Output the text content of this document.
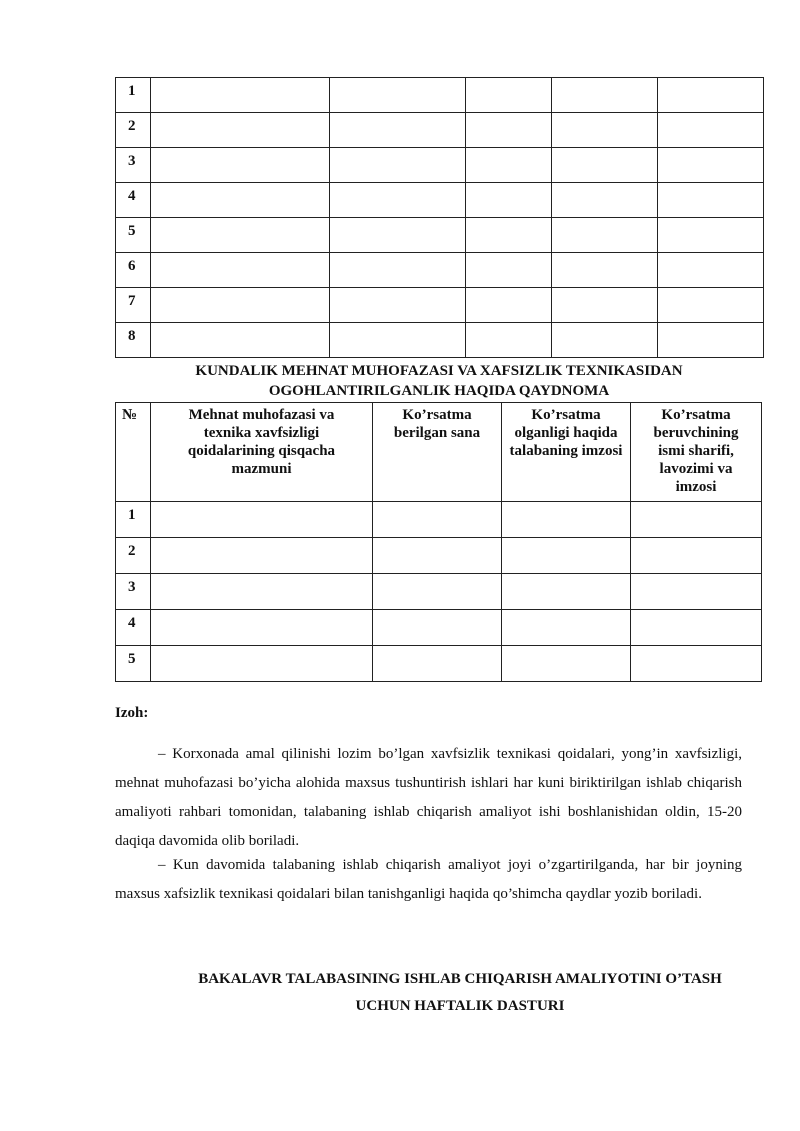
1					
2					
3					
4					
5					
6					
7					
8					
KUNDALIK MEHNAT MUHOFAZASI VA XAFSIZLIK TEXNIKASIDAN
OGOHLANTIRILGANLIK HAQIDA QAYDNOMA
№	Mehnat muhofazasi va texnika xavfsizligi qoidalarining qisqacha mazmuni	Ko’rsatma berilgan sana	Ko’rsatma olganligi haqida talabaning imzosi	Ko’rsatma beruvchining ismi sharifi, lavozimi va imzosi
1				
2				
3				
4				
5				
Izoh:

– Korxonada amal qilinishi lozim bo’lgan xavfsizlik texnikasi qoidalari, yong’in xavfsizligi, mehnat muhofazasi bo’yicha alohida maxsus tushuntirish ishlari har kuni biriktirilgan ishlab chiqarish amaliyoti rahbari tomonidan, talabaning ishlab chiqarish amaliyot ishi boshlanishidan oldin, 15-20 daqiqa davomida olib boriladi.

– Kun davomida talabaning ishlab chiqarish amaliyot joyi o’zgartirilganda, har bir joyning maxsus xafsizlik texnikasi qoidalari bilan tanishganligi haqida qo’shimcha qaydlar yozib boriladi.

BAKALAVR TALABASINING ISHLAB CHIQARISH AMALIYOTINI O’TASH
UCHUN HAFTALIK DASTURI
